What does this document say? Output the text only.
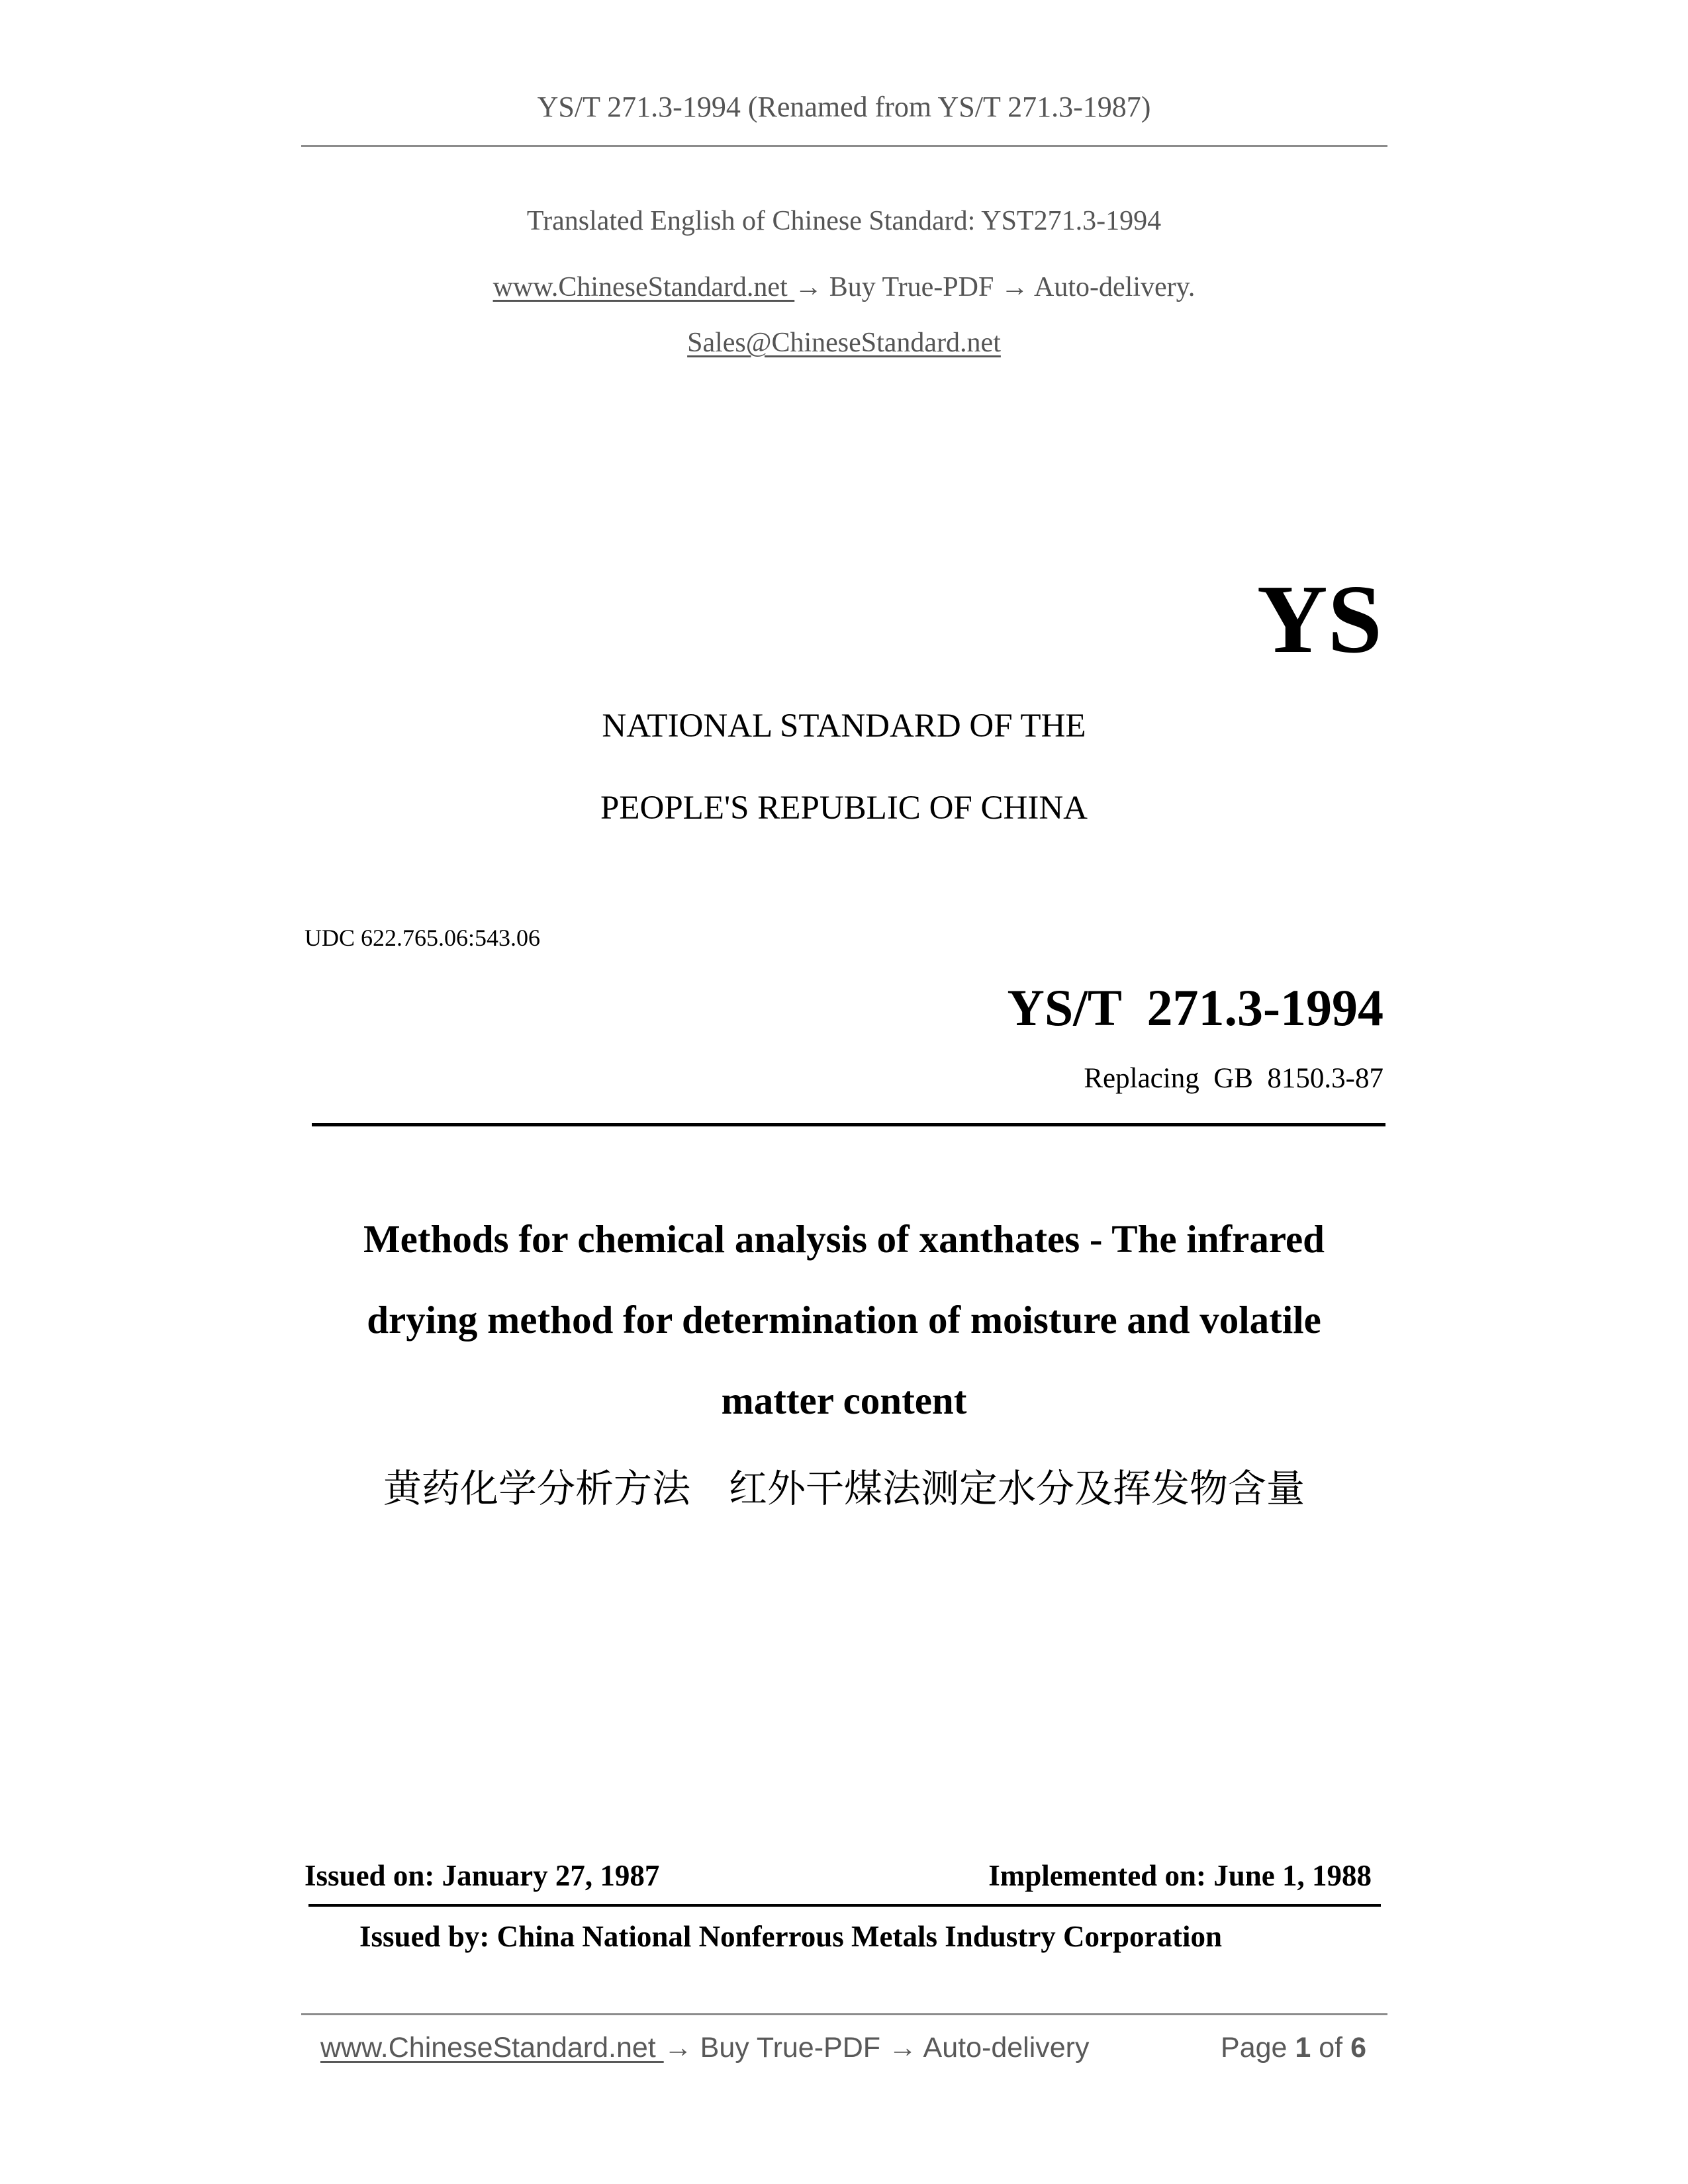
YS/T 271.3-1994 (Renamed from YS/T 271.3-1987)
Translated English of Chinese Standard: YST271.3-1994
www.ChineseStandard.net → Buy True-PDF → Auto-delivery.
Sales@ChineseStandard.net
YS
NATIONAL STANDARD OF THE
PEOPLE'S REPUBLIC OF CHINA
UDC 622.765.06:543.06
YS/T  271.3-1994
Replacing  GB  8150.3-87
Methods for chemical analysis of xanthates - The infrared
drying method for determination of moisture and volatile
matter content
黄药化学分析方法　红外干煤法测定水分及挥发物含量
Issued on: January 27, 1987	Implemented on: June 1, 1988
Issued by: China National Nonferrous Metals Industry Corporation
www.ChineseStandard.net → Buy True-PDF → Auto-delivery	Page 1 of 6
